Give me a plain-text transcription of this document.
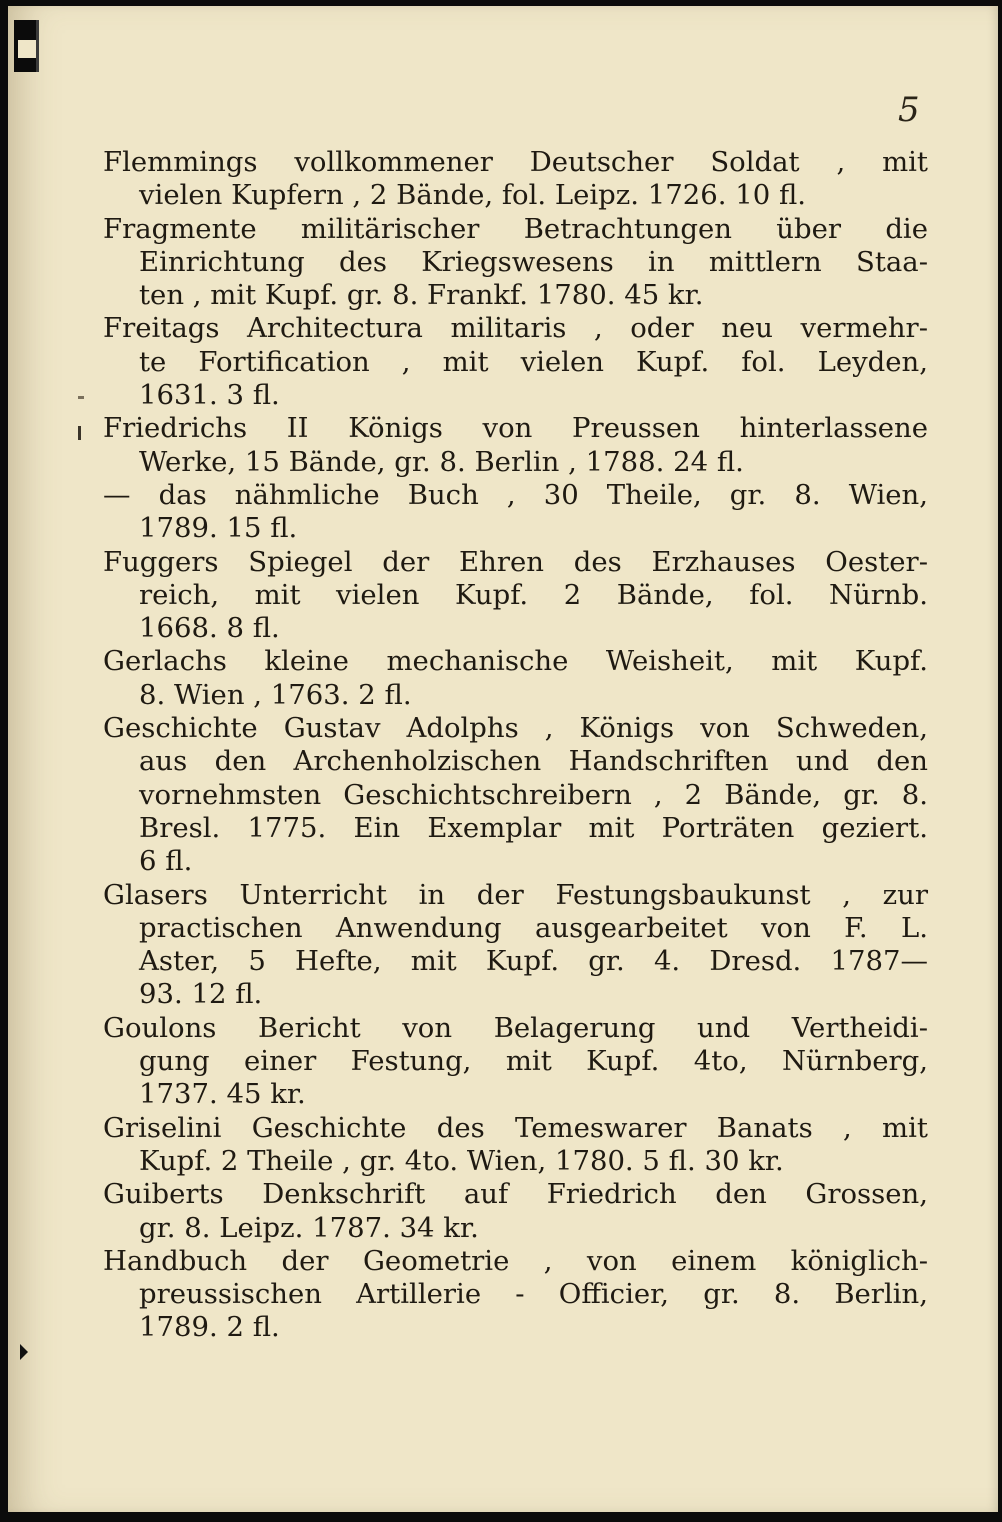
5
Flemmings vollkommener Deutscher Soldat , mit
vielen Kupfern , 2 Bände, fol. Leipz. 1726. 10 fl.
Fragmente militärischer Betrachtungen über die
Einrichtung des Kriegswesens in mittlern Staa-
ten , mit Kupf. gr. 8. Frankf. 1780. 45 kr.
Freitags Architectura militaris , oder neu vermehr-
te Fortification , mit vielen Kupf. fol. Leyden,
1631. 3 fl.
Friedrichs II Königs von Preussen hinterlassene
Werke, 15 Bände, gr. 8. Berlin , 1788. 24 fl.
— das nähmliche Buch , 30 Theile, gr. 8. Wien,
1789. 15 fl.
Fuggers Spiegel der Ehren des Erzhauses Oester-
reich, mit vielen Kupf. 2 Bände, fol. Nürnb.
1668. 8 fl.
Gerlachs kleine mechanische Weisheit, mit Kupf.
8. Wien , 1763. 2 fl.
Geschichte Gustav Adolphs , Königs von Schweden,
aus den Archenholzischen Handschriften und den
vornehmsten Geschichtschreibern , 2 Bände, gr. 8.
Bresl. 1775. Ein Exemplar mit Porträten geziert.
6 fl.
Glasers Unterricht in der Festungsbaukunst , zur
practischen Anwendung ausgearbeitet von F. L.
Aster, 5 Hefte, mit Kupf. gr. 4. Dresd. 1787—
93. 12 fl.
Goulons Bericht von Belagerung und Vertheidi-
gung einer Festung, mit Kupf. 4to, Nürnberg,
1737. 45 kr.
Griselini Geschichte des Temeswarer Banats , mit
Kupf. 2 Theile , gr. 4to. Wien, 1780. 5 fl. 30 kr.
Guiberts Denkschrift auf Friedrich den Grossen,
gr. 8. Leipz. 1787. 34 kr.
Handbuch der Geometrie , von einem königlich-
preussischen Artillerie - Officier, gr. 8. Berlin,
1789. 2 fl.
